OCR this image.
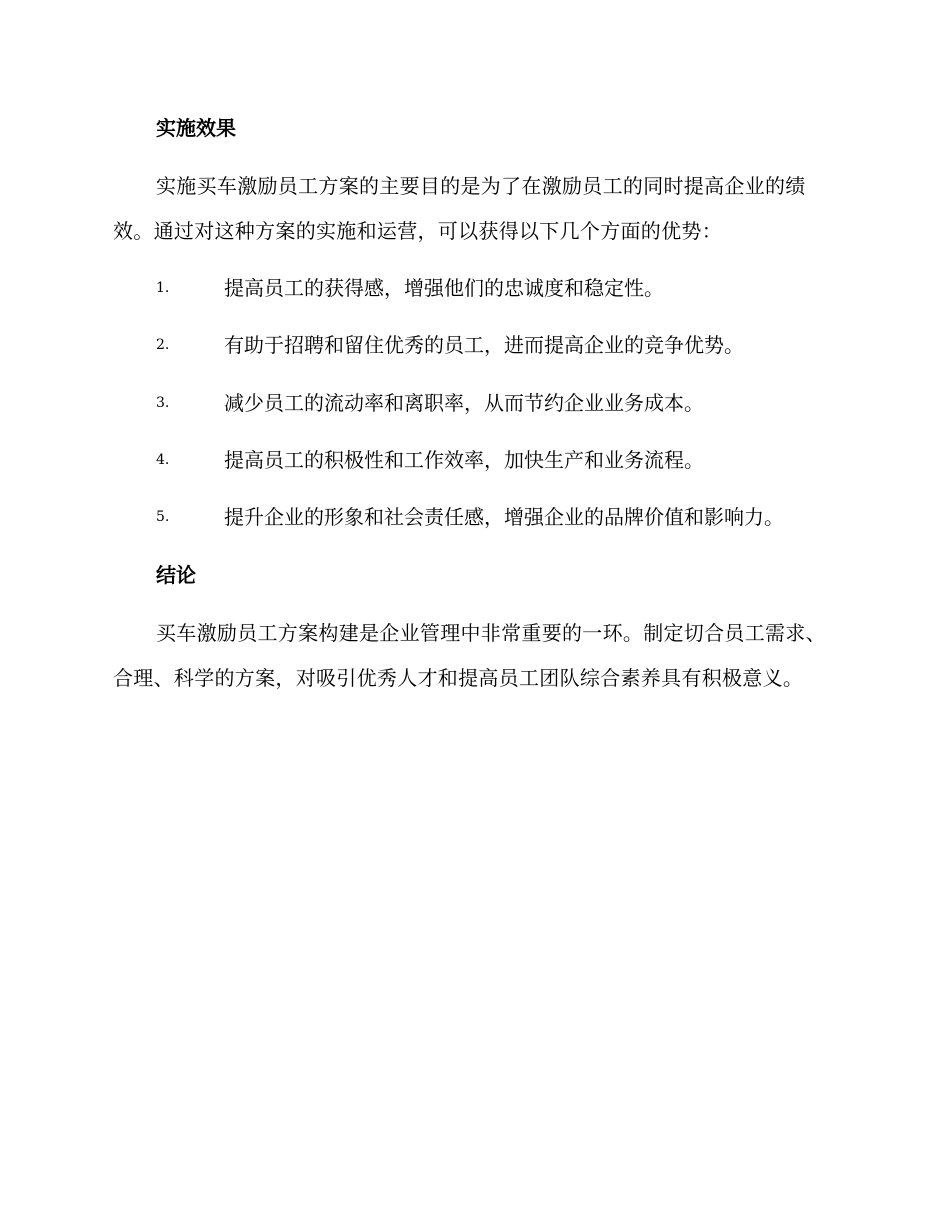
实施效果

实施买车激励员工方案的主要目的是为了在激励员工的同时提高企业的绩效。通过对这种方案的实施和运营，可以获得以下几个方面的优势：

1.	提高员工的获得感，增强他们的忠诚度和稳定性。
2.	有助于招聘和留住优秀的员工，进而提高企业的竞争优势。
3.	减少员工的流动率和离职率，从而节约企业业务成本。
4.	提高员工的积极性和工作效率，加快生产和业务流程。
5.	提升企业的形象和社会责任感，增强企业的品牌价值和影响力。
结论

买车激励员工方案构建是企业管理中非常重要的一环。制定切合员工需求、合理、科学的方案，对吸引优秀人才和提高员工团队综合素养具有积极意义。
